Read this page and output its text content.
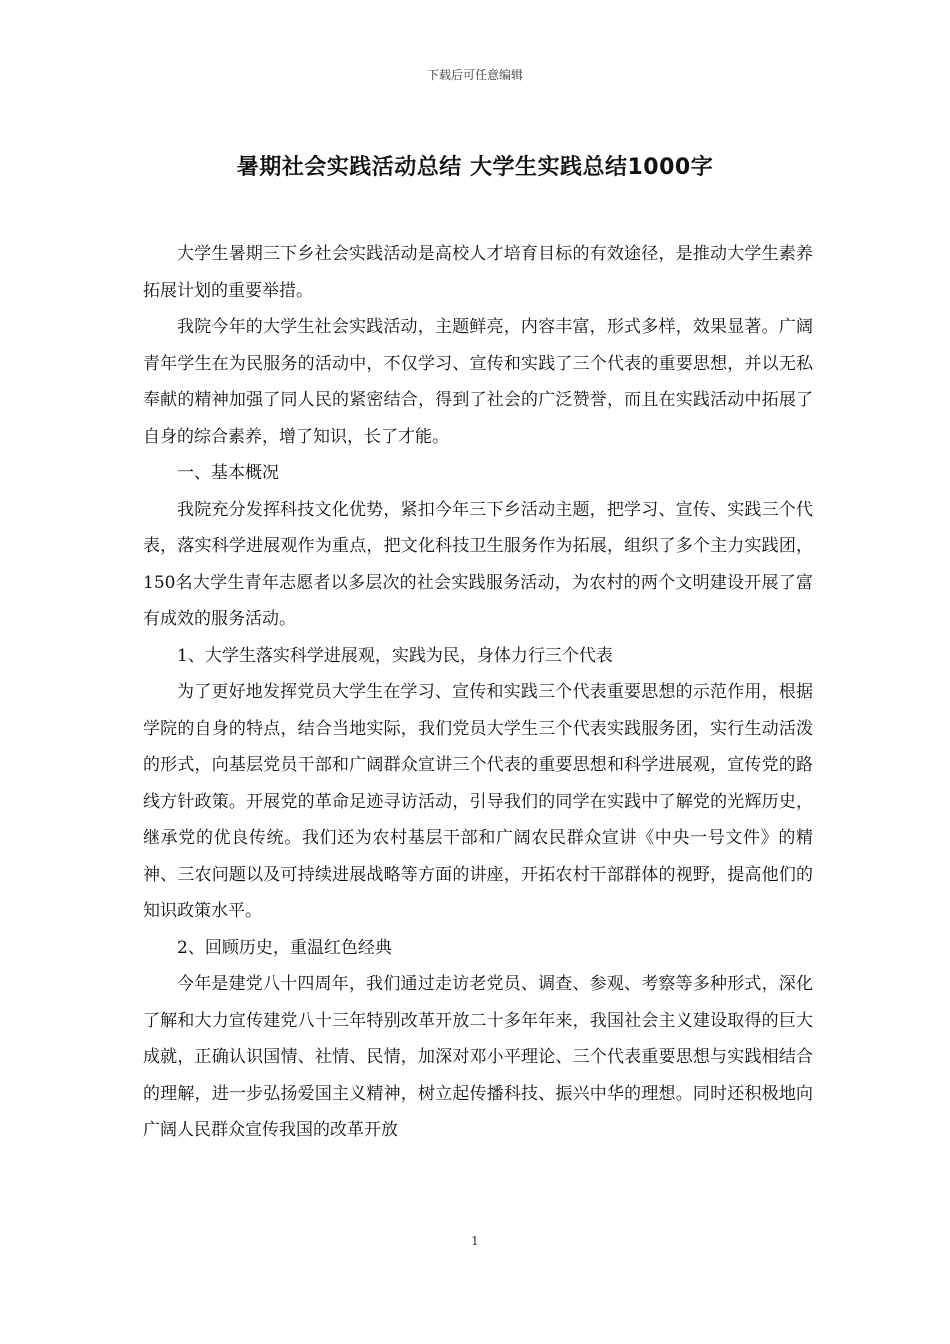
下载后可任意编辑
暑期社会实践活动总结 大学生实践总结1000字

大学生暑期三下乡社会实践活动是高校人才培育目标的有效途径，是推动大学生素养拓展计划的重要举措。

我院今年的大学生社会实践活动，主题鲜亮，内容丰富，形式多样，效果显著。广阔青年学生在为民服务的活动中，不仅学习、宣传和实践了三个代表的重要思想，并以无私奉献的精神加强了同人民的紧密结合，得到了社会的广泛赞誉，而且在实践活动中拓展了自身的综合素养，增了知识，长了才能。

一、基本概况

我院充分发挥科技文化优势，紧扣今年三下乡活动主题，把学习、宣传、实践三个代表，落实科学进展观作为重点，把文化科技卫生服务作为拓展，组织了多个主力实践团，150名大学生青年志愿者以多层次的社会实践服务活动，为农村的两个文明建设开展了富有成效的服务活动。

1、大学生落实科学进展观，实践为民，身体力行三个代表

为了更好地发挥党员大学生在学习、宣传和实践三个代表重要思想的示范作用，根据学院的自身的特点，结合当地实际，我们党员大学生三个代表实践服务团，实行生动活泼的形式，向基层党员干部和广阔群众宣讲三个代表的重要思想和科学进展观，宣传党的路线方针政策。开展党的革命足迹寻访活动，引导我们的同学在实践中了解党的光辉历史，继承党的优良传统。我们还为农村基层干部和广阔农民群众宣讲《中央一号文件》的精神、三农问题以及可持续进展战略等方面的讲座，开拓农村干部群体的视野，提高他们的知识政策水平。

2、回顾历史，重温红色经典

今年是建党八十四周年，我们通过走访老党员、调查、参观、考察等多种形式，深化了解和大力宣传建党八十三年特别改革开放二十多年年来，我国社会主义建设取得的巨大成就，正确认识国情、社情、民情，加深对邓小平理论、三个代表重要思想与实践相结合的理解，进一步弘扬爱国主义精神，树立起传播科技、振兴中华的理想。同时还积极地向广阔人民群众宣传我国的改革开放

1
